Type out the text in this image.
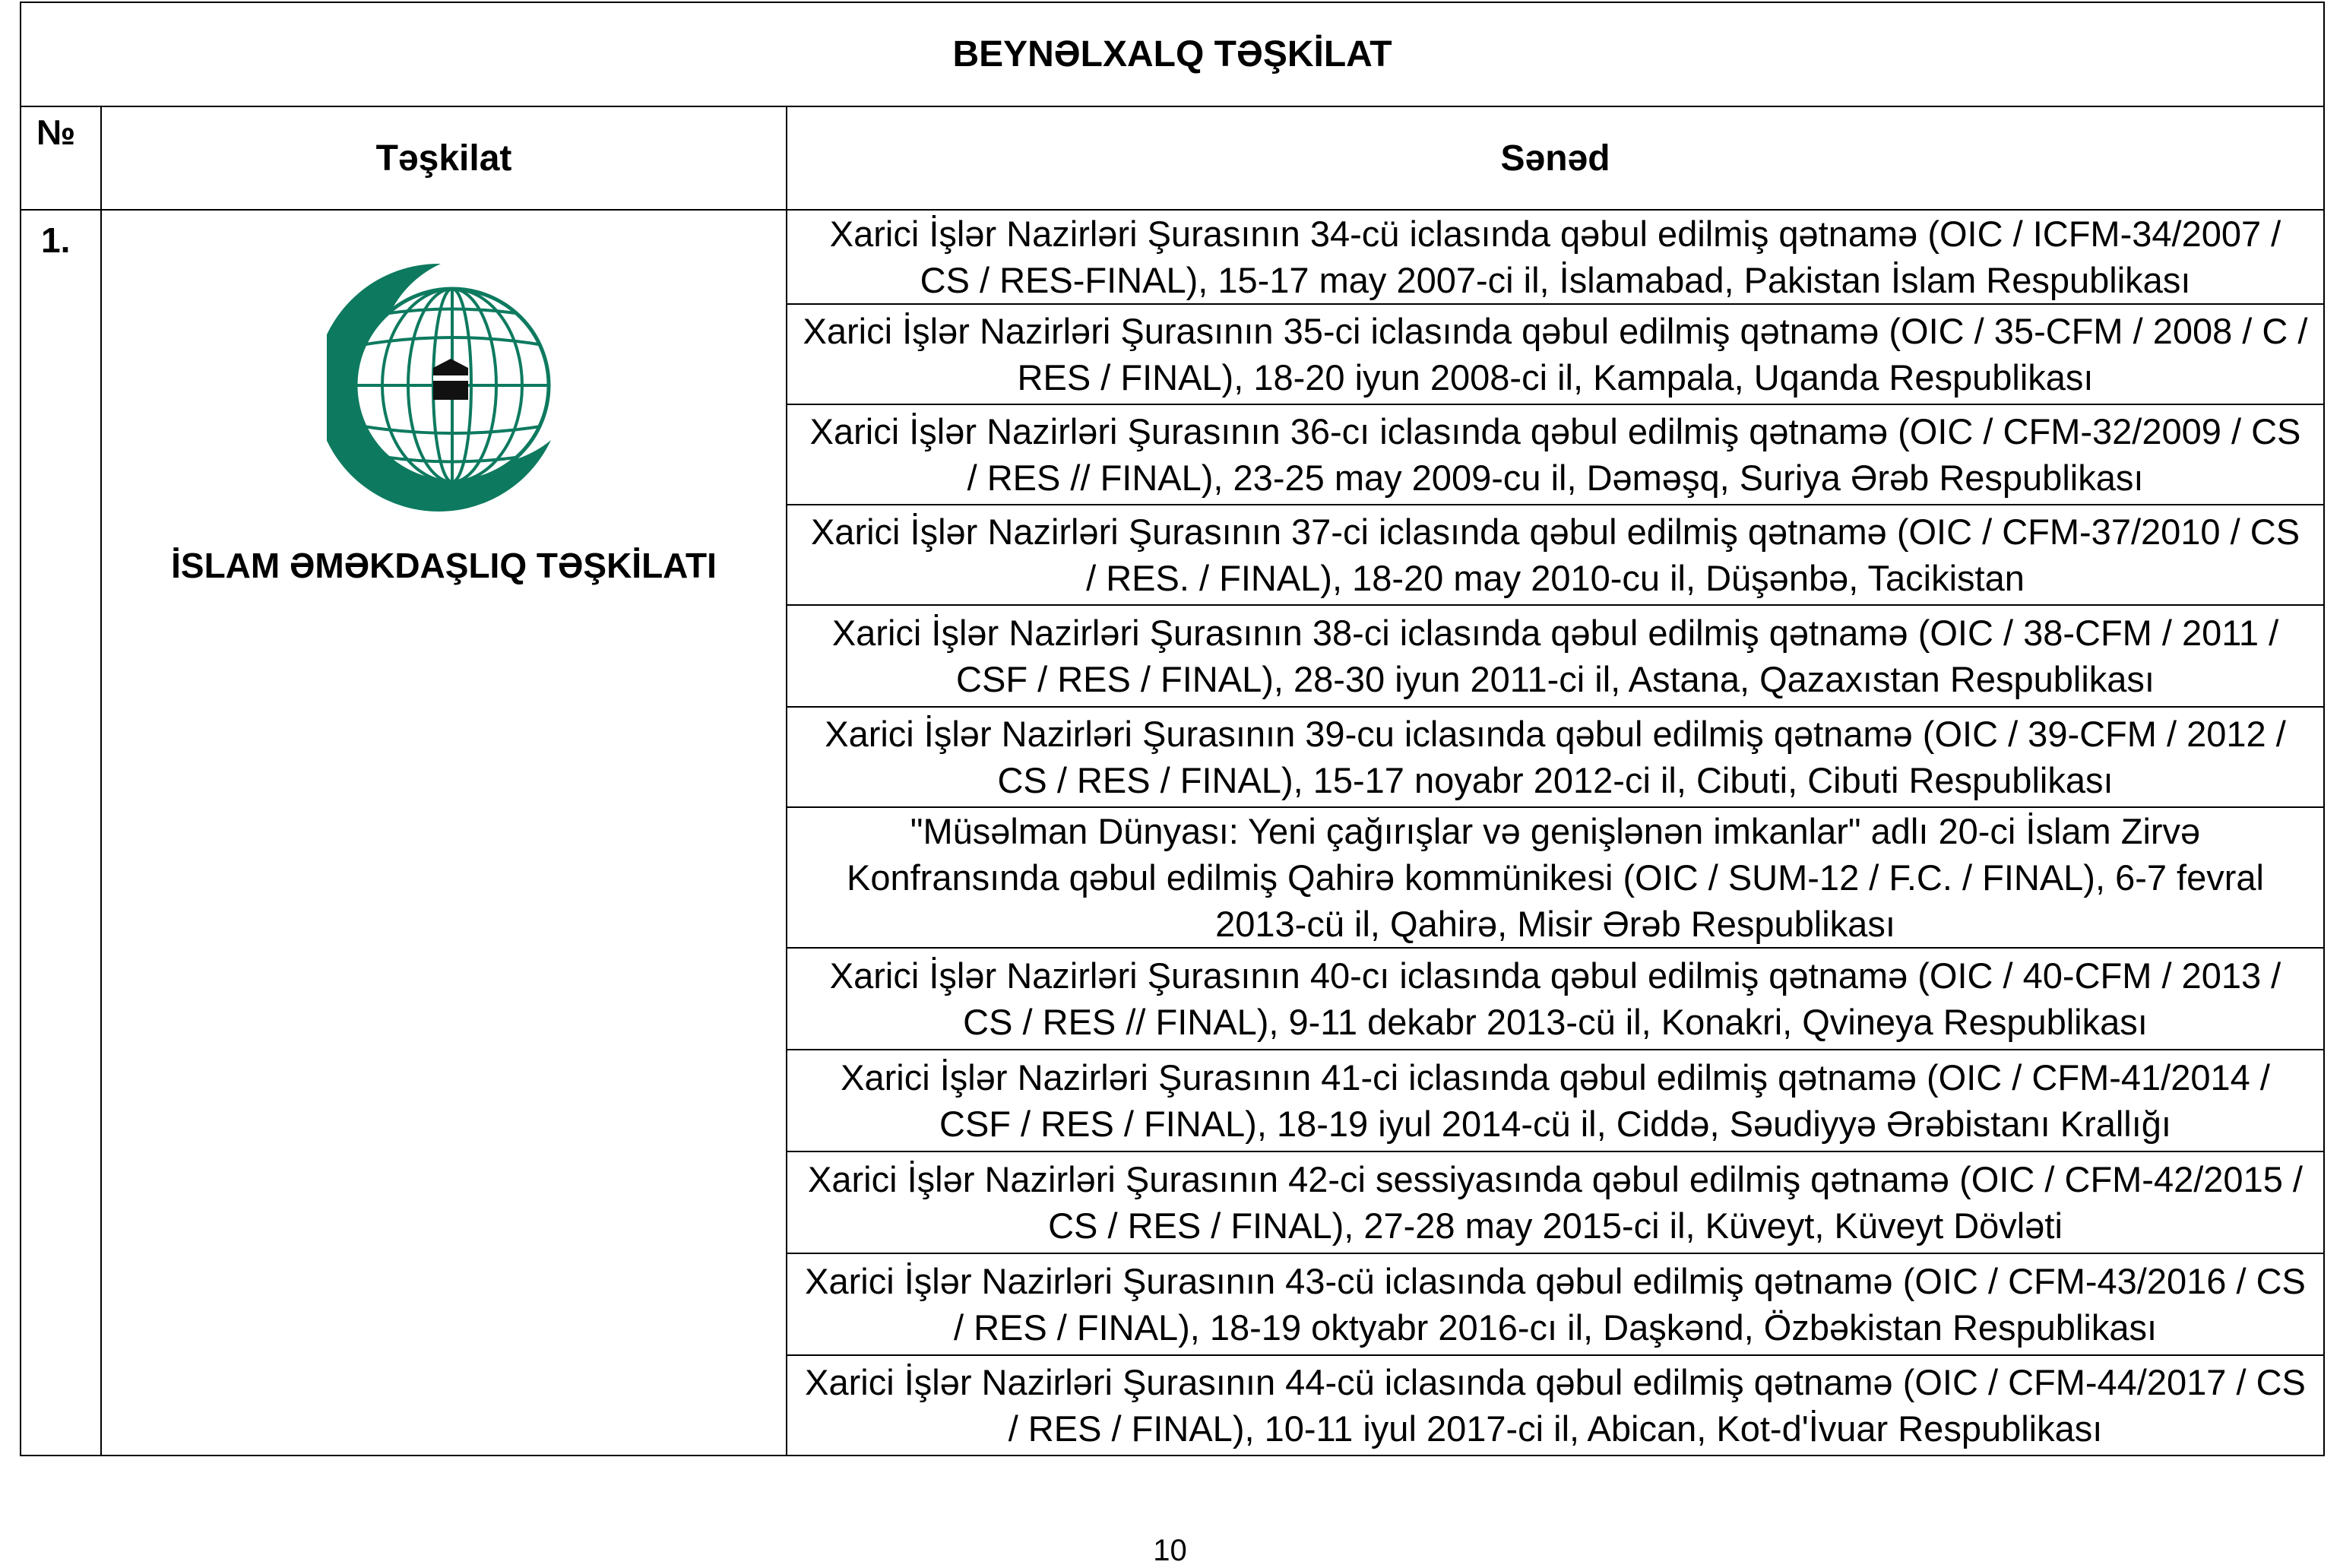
BEYNƏLXALQ TƏŞKİLAT		
№	Təşkilat	Sənəd
1.	İSLAM ƏMƏKDAŞLIQ TƏŞKİLATI	Xarici İşlər Nazirləri Şurasının 34-cü iclasında qəbul edilmiş qətnamə (OIC / ICFM-34/2007 / CS / RES-FINAL), 15-17 may 2007-ci il, İslamabad, Pakistan İslam Respublikası
		Xarici İşlər Nazirləri Şurasının 35-ci iclasında qəbul edilmiş qətnamə (OIC / 35-CFM / 2008 / C / RES / FINAL), 18-20 iyun 2008-ci il, Kampala, Uqanda Respublikası
		Xarici İşlər Nazirləri Şurasının 36-cı iclasında qəbul edilmiş qətnamə (OIC / CFM-32/2009 / CS / RES // FINAL), 23-25 may 2009-cu il, Dəməşq, Suriya Ərəb Respublikası
		Xarici İşlər Nazirləri Şurasının 37-ci iclasında qəbul edilmiş qətnamə (OIC / CFM-37/2010 / CS / RES. / FINAL), 18-20 may 2010-cu il, Düşənbə, Tacikistan
		Xarici İşlər Nazirləri Şurasının 38-ci iclasında qəbul edilmiş qətnamə (OIC / 38-CFM / 2011 / CSF / RES / FINAL), 28-30 iyun 2011-ci il, Astana, Qazaxıstan Respublikası
		Xarici İşlər Nazirləri Şurasının 39-cu iclasında qəbul edilmiş qətnamə (OIC / 39-CFM / 2012 / CS / RES / FINAL), 15-17 noyabr 2012-ci il, Cibuti, Cibuti Respublikası
		"Müsəlman Dünyası: Yeni çağırışlar və genişlənən imkanlar" adlı 20-ci İslam Zirvə Konfransında qəbul edilmiş Qahirə kommünikesi (OIC / SUM-12 / F.C. / FINAL), 6-7 fevral 2013-cü il, Qahirə, Misir Ərəb Respublikası
		Xarici İşlər Nazirləri Şurasının 40-cı iclasında qəbul edilmiş qətnamə (OIC / 40-CFM / 2013 / CS / RES // FINAL), 9-11 dekabr 2013-cü il, Konakri, Qvineya Respublikası
		Xarici İşlər Nazirləri Şurasının 41-ci iclasında qəbul edilmiş qətnamə (OIC / CFM-41/2014 / CSF / RES / FINAL), 18-19 iyul 2014-cü il, Ciddə, Səudiyyə Ərəbistanı Krallığı
		Xarici İşlər Nazirləri Şurasının 42-ci sessiyasında qəbul edilmiş qətnamə (OIC / CFM-42/2015 / CS / RES / FINAL), 27-28 may 2015-ci il, Küveyt, Küveyt Dövləti
		Xarici İşlər Nazirləri Şurasının 43-cü iclasında qəbul edilmiş qətnamə (OIC / CFM-43/2016 / CS / RES / FINAL), 18-19 oktyabr 2016-cı il, Daşkənd, Özbəkistan Respublikası
		Xarici İşlər Nazirləri Şurasının 44-cü iclasında qəbul edilmiş qətnamə (OIC / CFM-44/2017 / CS / RES / FINAL), 10-11 iyul 2017-ci il, Abican, Kot-d'İvuar Respublikası
10
